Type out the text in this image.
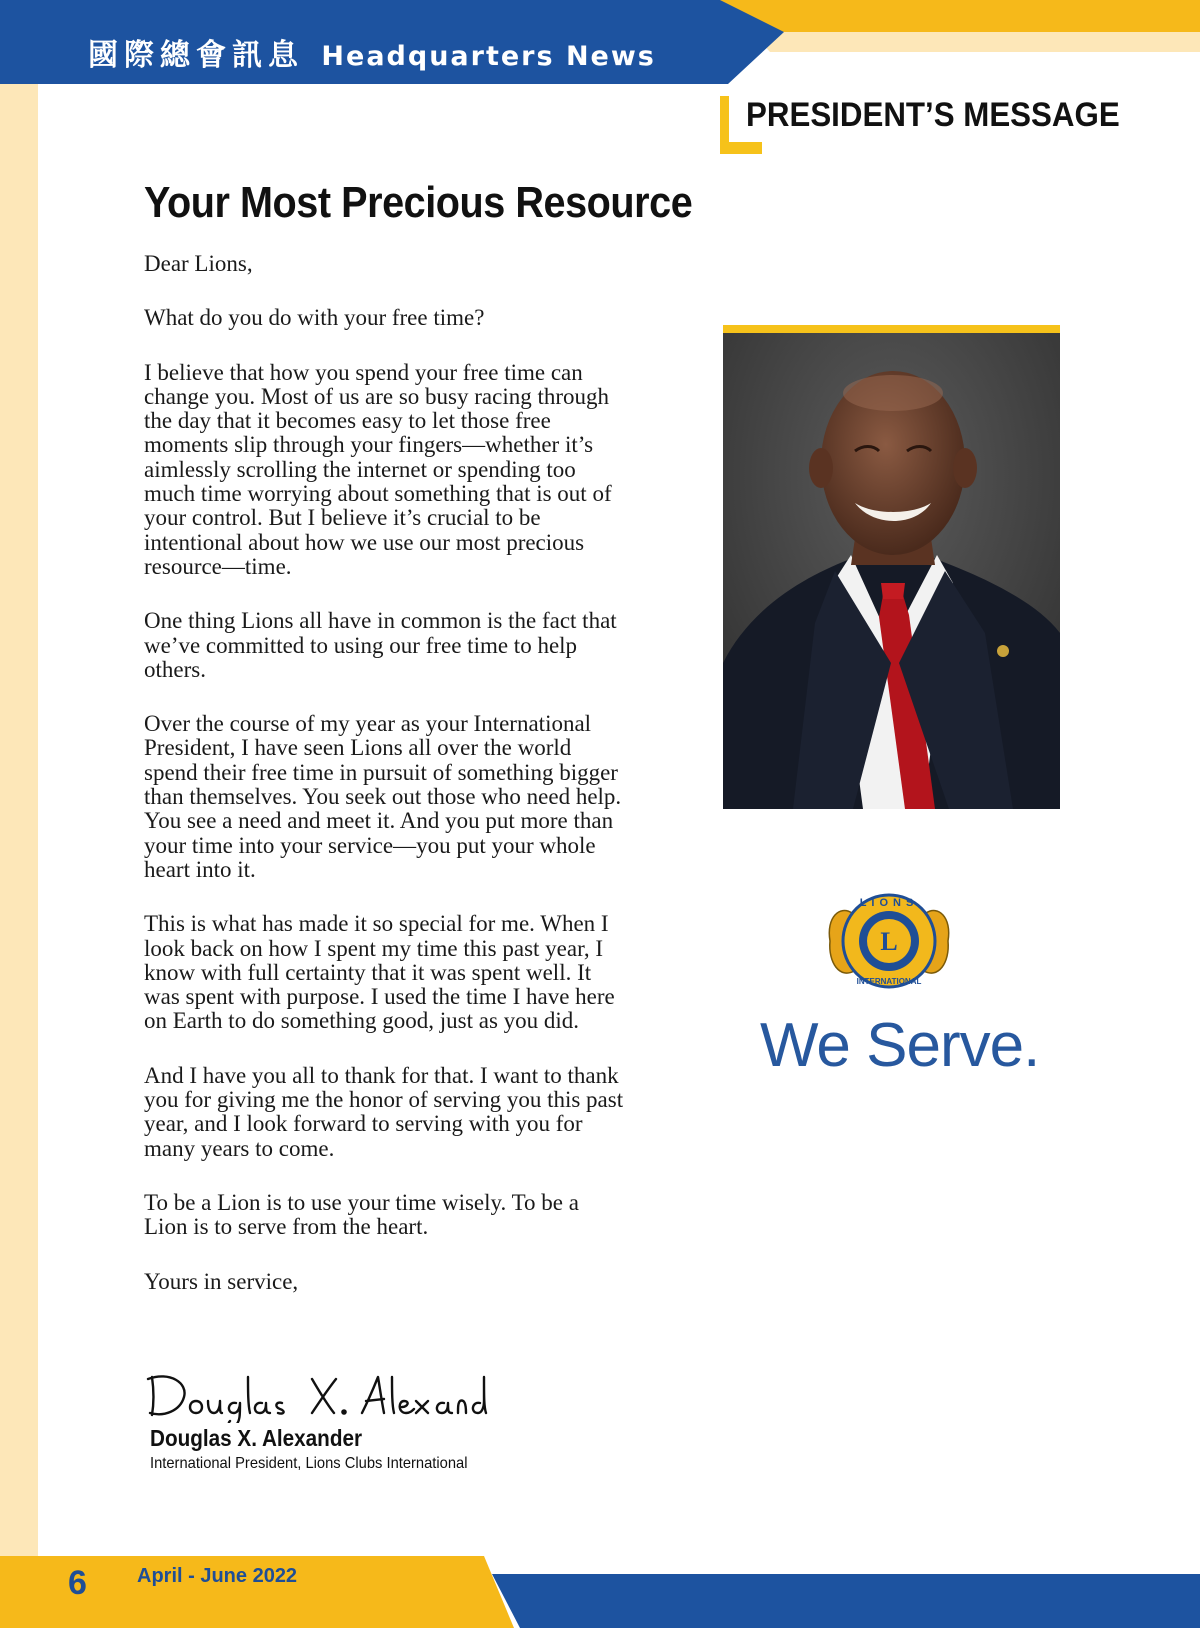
國際總會訊息 Headquarters News
PRESIDENT’S MESSAGE
Your Most Precious Resource

Dear Lions,

What do you do with your free time?

I believe that how you spend your free time can change you. Most of us are so busy racing through the day that it becomes easy to let those free moments slip through your fingers—whether it’s aimlessly scrolling the internet or spending too much time worrying about something that is out of your control. But I believe it’s crucial to be intentional about how we use our most precious resource—time.

One thing Lions all have in common is the fact that we’ve committed to using our free time to help others.

Over the course of my year as your International President, I have seen Lions all over the world spend their free time in pursuit of something bigger than themselves. You seek out those who need help. You see a need and meet it. And you put more than your time into your service—you put your whole heart into it.

This is what has made it so special for me. When I look back on how I spent my time this past year, I know with full certainty that it was spent well. It was spent with purpose. I used the time I have here on Earth to do something good, just as you did.

And I have you all to thank for that. I want to thank you for giving me the honor of serving you this past year, and I look forward to serving with you for many years to come.

To be a Lion is to use your time wisely. To be a Lion is to serve from the heart.

Yours in service,

Douglas X. Alexander
International President, Lions Clubs International
L
LIONS
INTERNATIONAL
We Serve.
6	April - June 2022
